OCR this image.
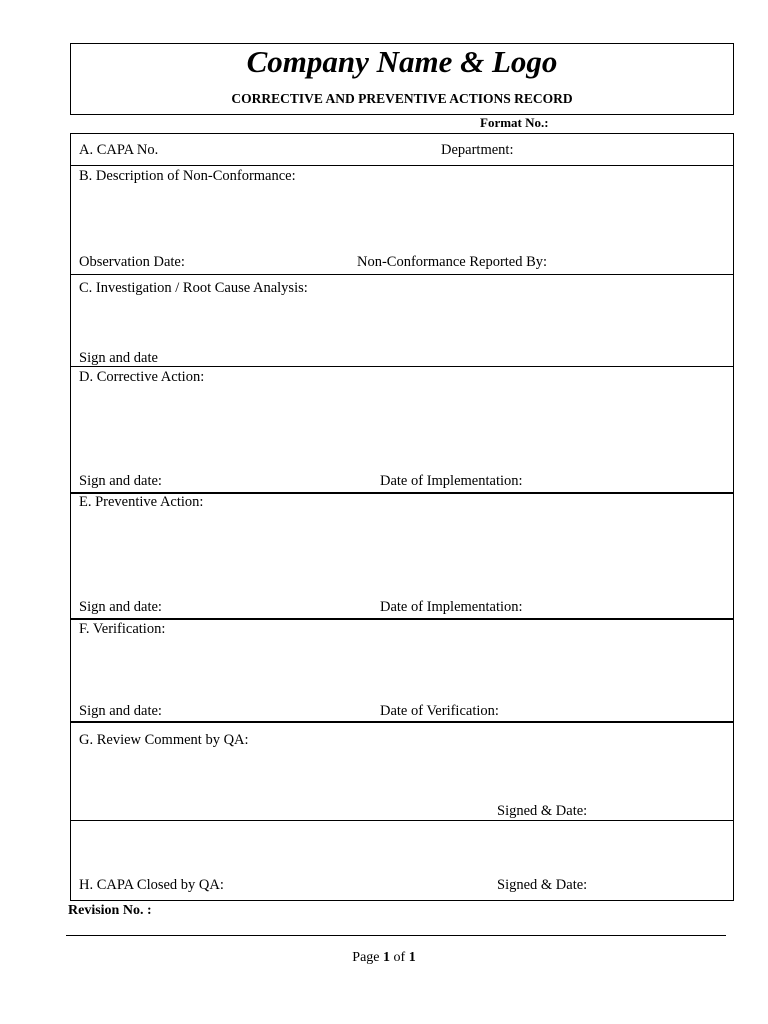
Company Name & Logo
CORRECTIVE AND PREVENTIVE ACTIONS RECORD
Format No.:
A. CAPA No.	Department:
B. Description of Non-Conformance:
Observation Date:	Non-Conformance Reported By:
C. Investigation / Root Cause Analysis:
Sign and date
D. Corrective Action:
Sign and date:	Date of Implementation:
E. Preventive Action:
Sign and date:	Date of Implementation:
F. Verification:
Sign and date:	Date of Verification:
G. Review Comment by QA:
Signed & Date:
H. CAPA Closed by QA:	Signed & Date:
Revision No. :
Page 1 of 1
